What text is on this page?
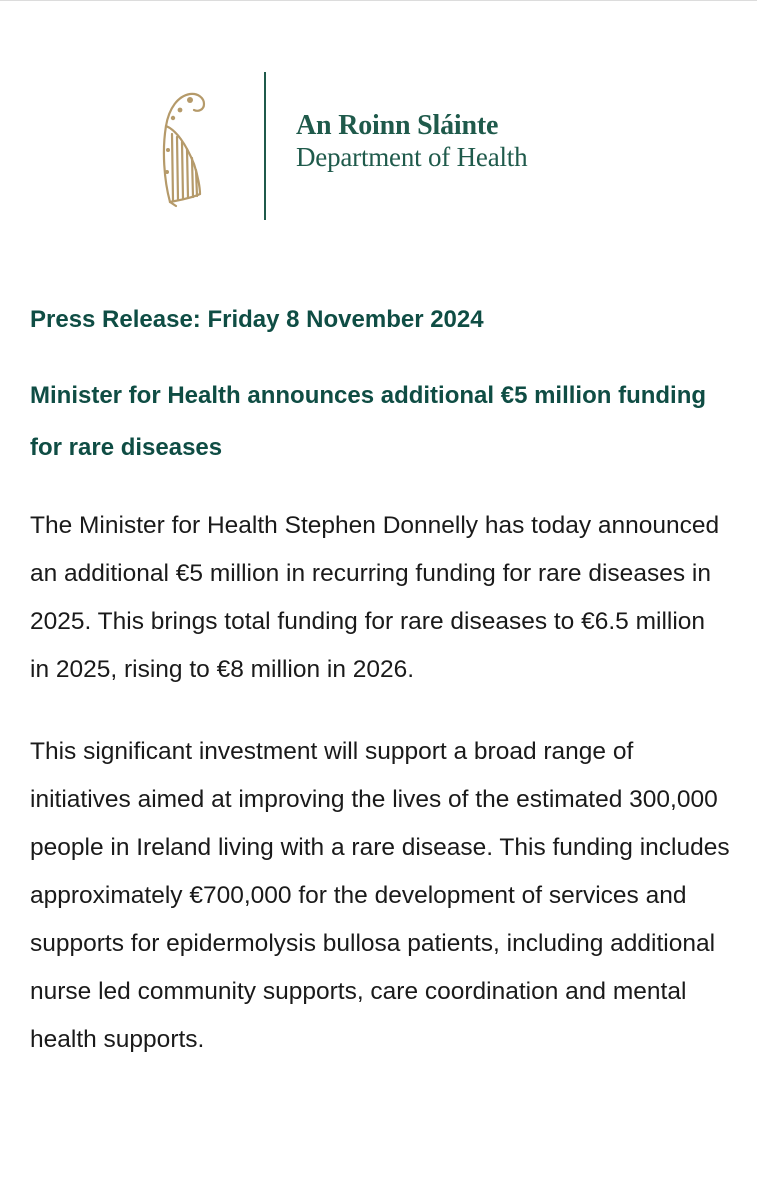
An Roinn Sláinte
Department of Health

Press Release: Friday 8 November 2024

Minister for Health announces additional €5 million funding for rare diseases

The Minister for Health Stephen Donnelly has today announced an additional €5 million in recurring funding for rare diseases in 2025. This brings total funding for rare diseases to €6.5 million in 2025, rising to €8 million in 2026.

This significant investment will support a broad range of initiatives aimed at improving the lives of the estimated 300,000 people in Ireland living with a rare disease. This funding includes approximately €700,000 for the development of services and supports for epidermolysis bullosa patients, including additional nurse led community supports, care coordination and mental health supports.
